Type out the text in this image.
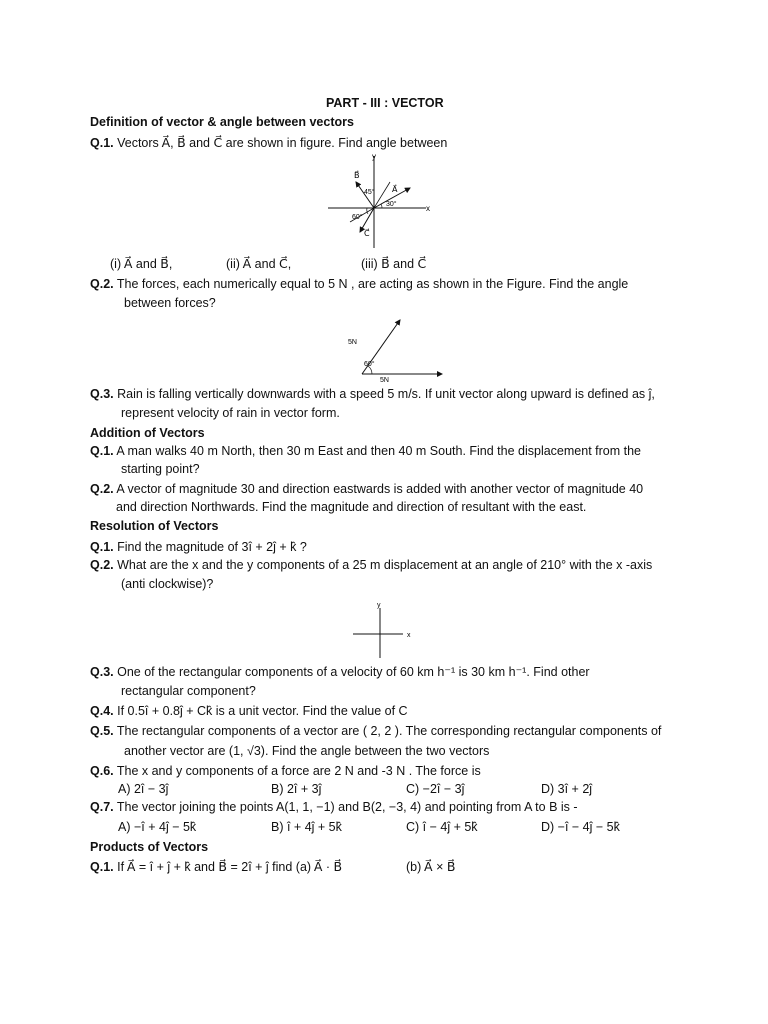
PART - III : VECTOR
Definition of vector & angle between vectors
Q.1. Vectors A⃗, B⃗ and C⃗ are shown in figure. Find angle between
y
x
A⃗
B⃗
C⃗
45°
30°
60°
(i) A⃗ and B⃗,	(ii) A⃗ and C⃗,	(iii) B⃗ and C⃗
Q.2. The forces, each numerically equal to 5 N , are acting as shown in the Figure. Find the angle
between forces?
5N
5N
60°
Q.3. Rain is falling vertically downwards with a speed 5 m/s. If unit vector along upward is defined as ĵ,
represent velocity of rain in vector form.
Addition of Vectors
Q.1. A man walks 40 m North, then 30 m East and then 40 m South. Find the displacement from the
starting point?
Q.2. A vector of magnitude 30 and direction eastwards is added with another vector of magnitude 40
and direction Northwards. Find the magnitude and direction of resultant with the east.
Resolution of Vectors
Q.1. Find the magnitude of 3î + 2ĵ + k̂ ?
Q.2. What are the x and the y components of a 25 m displacement at an angle of 210° with the x -axis
(anti clockwise)?
y
x
Q.3. One of the rectangular components of a velocity of 60 km h⁻¹ is 30 km h⁻¹. Find other
rectangular component?
Q.4. If 0.5î + 0.8ĵ + Ck̂ is a unit vector. Find the value of C
Q.5. The rectangular components of a vector are ( 2, 2 ). The corresponding rectangular components of
another vector are (1, √3). Find the angle between the two vectors
Q.6. The x and y components of a force are 2 N and -3 N . The force is
A) 2î − 3ĵ	B) 2î + 3ĵ	C) −2î − 3ĵ	D) 3î + 2ĵ
Q.7. The vector joining the points A(1, 1, −1) and B(2, −3, 4) and pointing from A to B is -
A) −î + 4ĵ − 5k̂	B) î + 4ĵ + 5k̂	C) î − 4ĵ + 5k̂	D) −î − 4ĵ − 5k̂
Products of Vectors
Q.1. If A⃗ = î + ĵ + k̂ and B⃗ = 2î + ĵ find (a) A⃗ · B⃗	(b) A⃗ × B⃗
